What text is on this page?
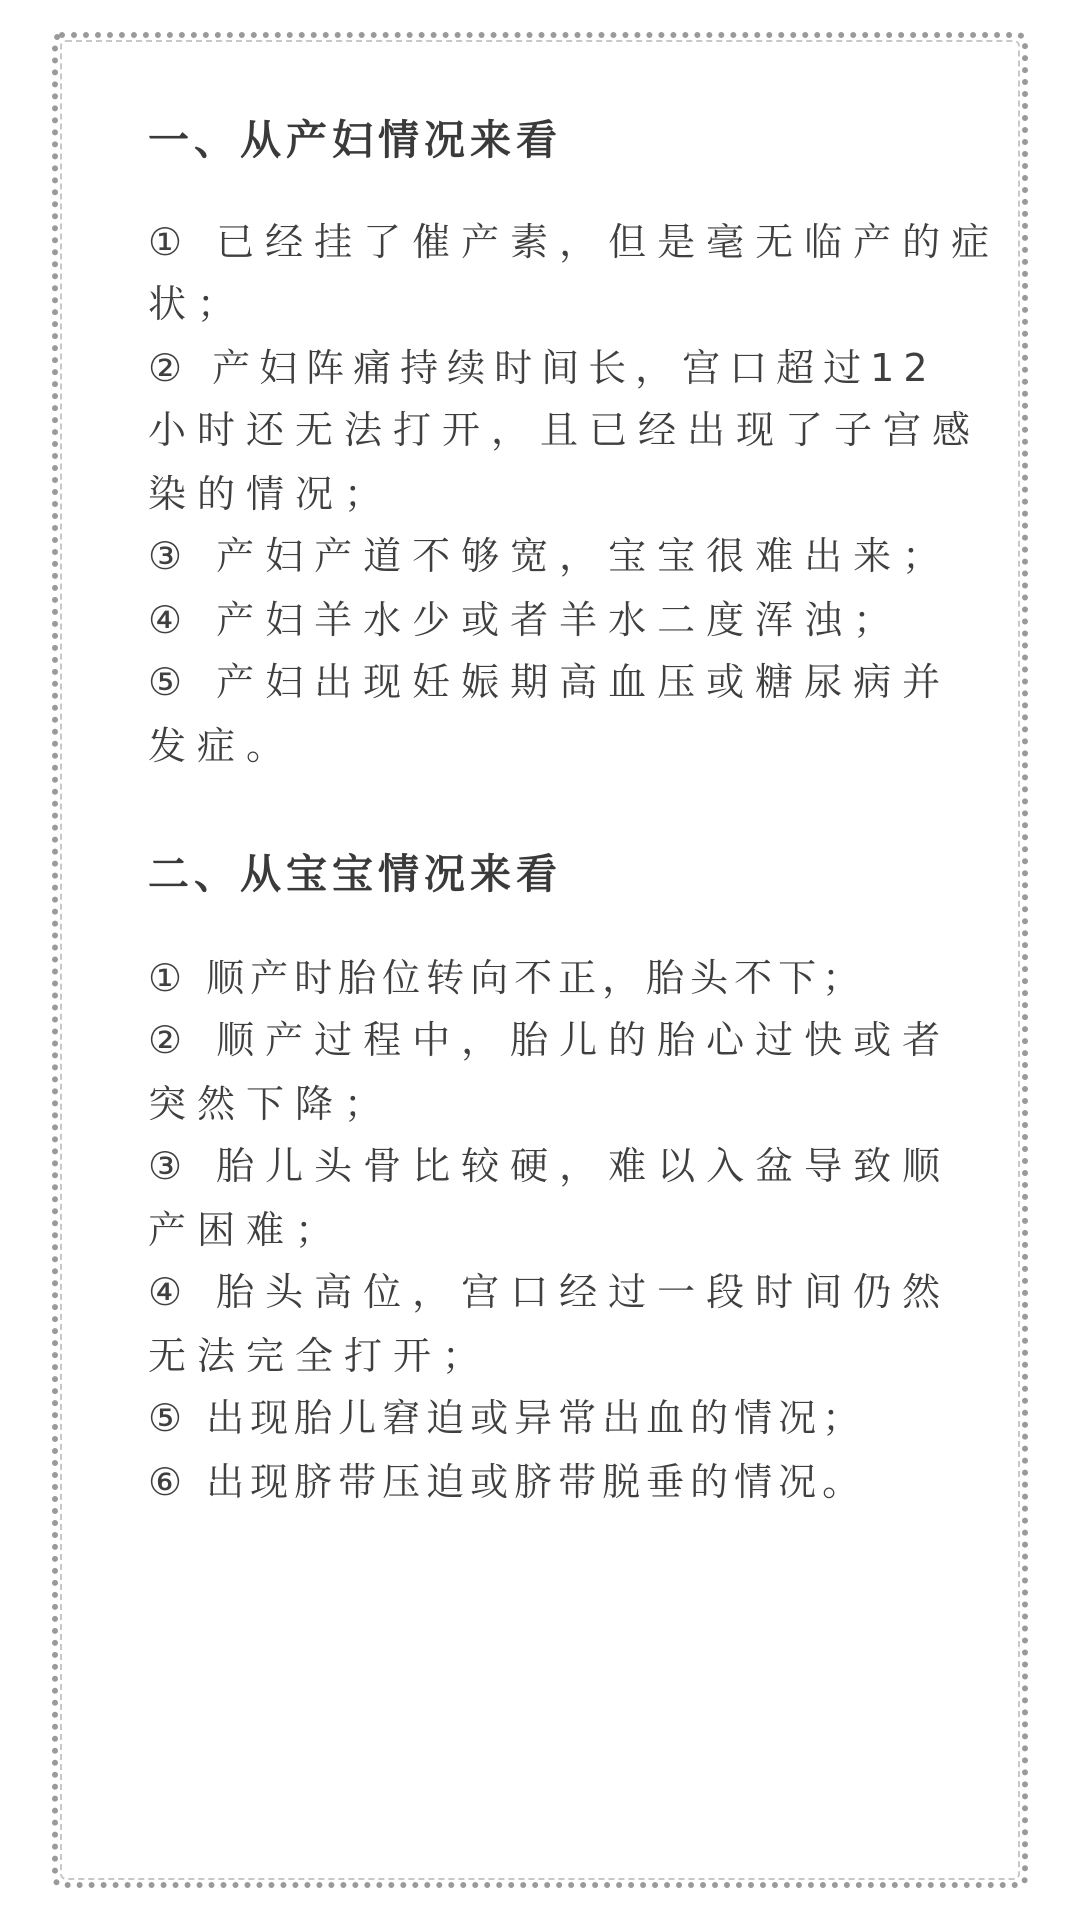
一、从产妇情况来看
① 已经挂了催产素，但是毫无临产的症
状；
② 产妇阵痛持续时间长，宫口超过12
小时还无法打开，且已经出现了子宫感
染的情况；
③ 产妇产道不够宽，宝宝很难出来；
④ 产妇羊水少或者羊水二度浑浊；
⑤ 产妇出现妊娠期高血压或糖尿病并
发症。
二、从宝宝情况来看
① 顺产时胎位转向不正，胎头不下；
② 顺产过程中，胎儿的胎心过快或者
突然下降；
③ 胎儿头骨比较硬，难以入盆导致顺
产困难；
④ 胎头高位，宫口经过一段时间仍然
无法完全打开；
⑤ 出现胎儿窘迫或异常出血的情况；
⑥ 出现脐带压迫或脐带脱垂的情况。
